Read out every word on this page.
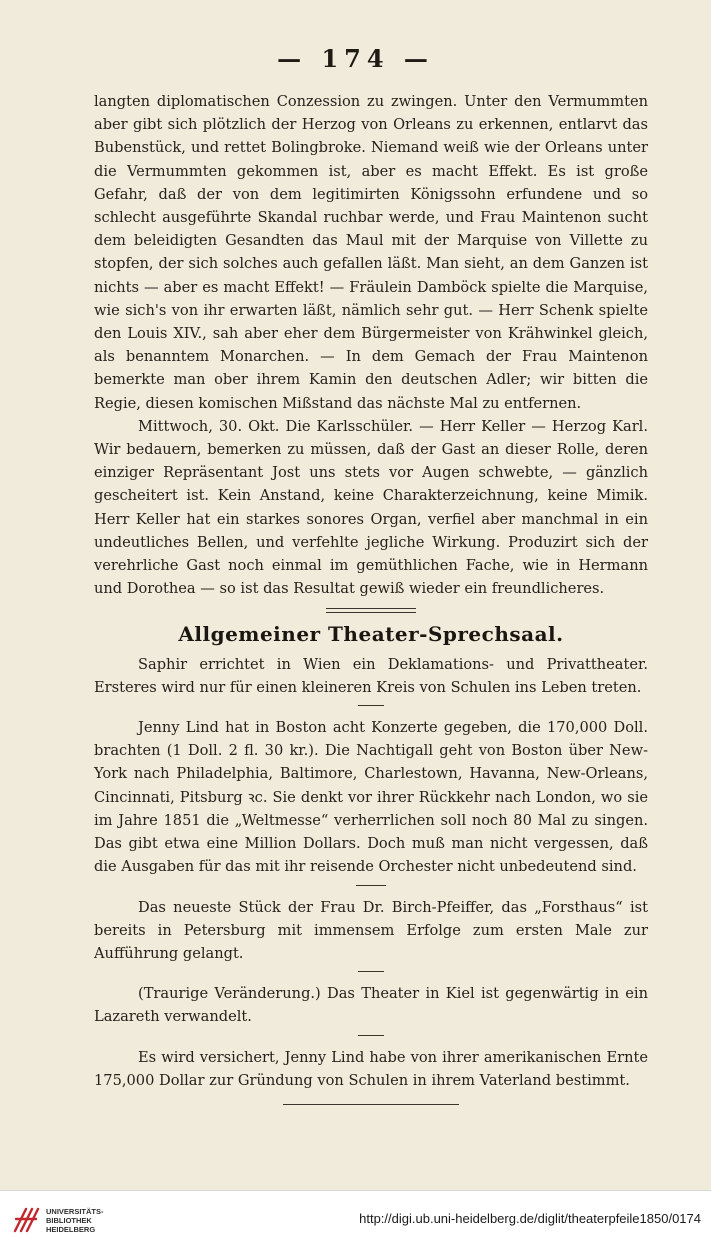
— 174 —

langten diplomatischen Conzession zu zwingen. Unter den Vermummten aber gibt sich plötzlich der Herzog von Orleans zu erkennen, entlarvt das Bubenstück, und rettet Bolingbroke. Niemand weiß wie der Orleans unter die Vermummten gekommen ist, aber es macht Effekt. Es ist große Gefahr, daß der von dem legitimirten Königssohn erfundene und so schlecht ausgeführte Skandal ruchbar werde, und Frau Maintenon sucht dem beleidigten Gesandten das Maul mit der Marquise von Villette zu stopfen, der sich solches auch gefallen läßt. Man sieht, an dem Ganzen ist nichts — aber es macht Effekt! — Fräulein Damböck spielte die Marquise, wie sich's von ihr erwarten läßt, nämlich sehr gut. — Herr Schenk spielte den Louis XIV., sah aber eher dem Bürgermeister von Krähwinkel gleich, als benanntem Monarchen. — In dem Gemach der Frau Maintenon bemerkte man ober ihrem Kamin den deutschen Adler; wir bitten die Regie, diesen komischen Mißstand das nächste Mal zu entfernen.

Mittwoch, 30. Okt. Die Karlsschüler. — Herr Keller — Herzog Karl. Wir bedauern, bemerken zu müssen, daß der Gast an dieser Rolle, deren einziger Repräsentant Jost uns stets vor Augen schwebte, — gänzlich gescheitert ist. Kein Anstand, keine Charakterzeichnung, keine Mimik. Herr Keller hat ein starkes sonores Organ, verfiel aber manchmal in ein undeutliches Bellen, und verfehlte jegliche Wirkung. Produzirt sich der verehrliche Gast noch einmal im gemüthlichen Fache, wie in Hermann und Dorothea — so ist das Resultat gewiß wieder ein freundlicheres.

Allgemeiner Theater-Sprechsaal.

Saphir errichtet in Wien ein Deklamations- und Privattheater. Ersteres wird nur für einen kleineren Kreis von Schulen ins Leben treten.

Jenny Lind hat in Boston acht Konzerte gegeben, die 170,000 Doll. brachten (1 Doll. 2 fl. 30 kr.). Die Nachtigall geht von Boston über New-York nach Philadelphia, Baltimore, Charlestown, Havanna, New-Orleans, Cincinnati, Pitsburg ꝛc. Sie denkt vor ihrer Rückkehr nach London, wo sie im Jahre 1851 die „Weltmesse“ verherrlichen soll noch 80 Mal zu singen. Das gibt etwa eine Million Dollars. Doch muß man nicht vergessen, daß die Ausgaben für das mit ihr reisende Orchester nicht unbedeutend sind.

Das neueste Stück der Frau Dr. Birch-Pfeiffer, das „Forsthaus“ ist bereits in Petersburg mit immensem Erfolge zum ersten Male zur Aufführung gelangt.

(Traurige Veränderung.) Das Theater in Kiel ist gegenwärtig in ein Lazareth verwandelt.

Es wird versichert, Jenny Lind habe von ihrer amerikanischen Ernte 175,000 Dollar zur Gründung von Schulen in ihrem Vaterland bestimmt.

UNIVERSITÄTS-
BIBLIOTHEK
HEIDELBERG
http://digi.ub.uni-heidelberg.de/diglit/theaterpfeile1850/0174
